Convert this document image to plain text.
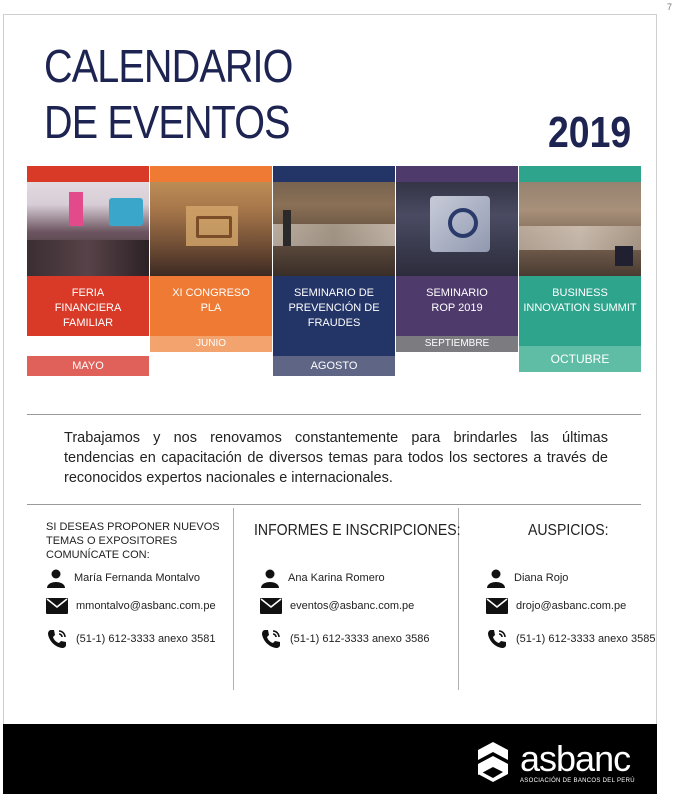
7
CALENDARIO
DE EVENTOS	2019
FERIA
FINANCIERA
FAMILIAR
MAYO
XI CONGRESO
PLA
JUNIO
SEMINARIO DE
PREVENCIÓN DE
FRAUDES
AGOSTO
SEMINARIO
ROP 2019
SEPTIEMBRE
BUSINESS
INNOVATION SUMMIT
OCTUBRE
Trabajamos y nos renovamos constantemente para brindarles las últimas tendencias en capacitación de diversos temas para todos los sectores a través de reconocidos expertos nacionales e internacionales.
SI DESEAS PROPONER NUEVOS TEMAS O EXPOSITORES COMUNÍCATE CON:
María Fernanda Montalvo
mmontalvo@asbanc.com.pe
(51-1) 612-3333 anexo 3581
INFORMES E INSCRIPCIONES:
Ana Karina Romero
eventos@asbanc.com.pe
(51-1) 612-3333 anexo 3586
AUSPICIOS:
Diana Rojo
drojo@asbanc.com.pe
(51-1) 612-3333 anexo 3585
asbanc
ASOCIACIÓN DE BANCOS DEL PERÚ
